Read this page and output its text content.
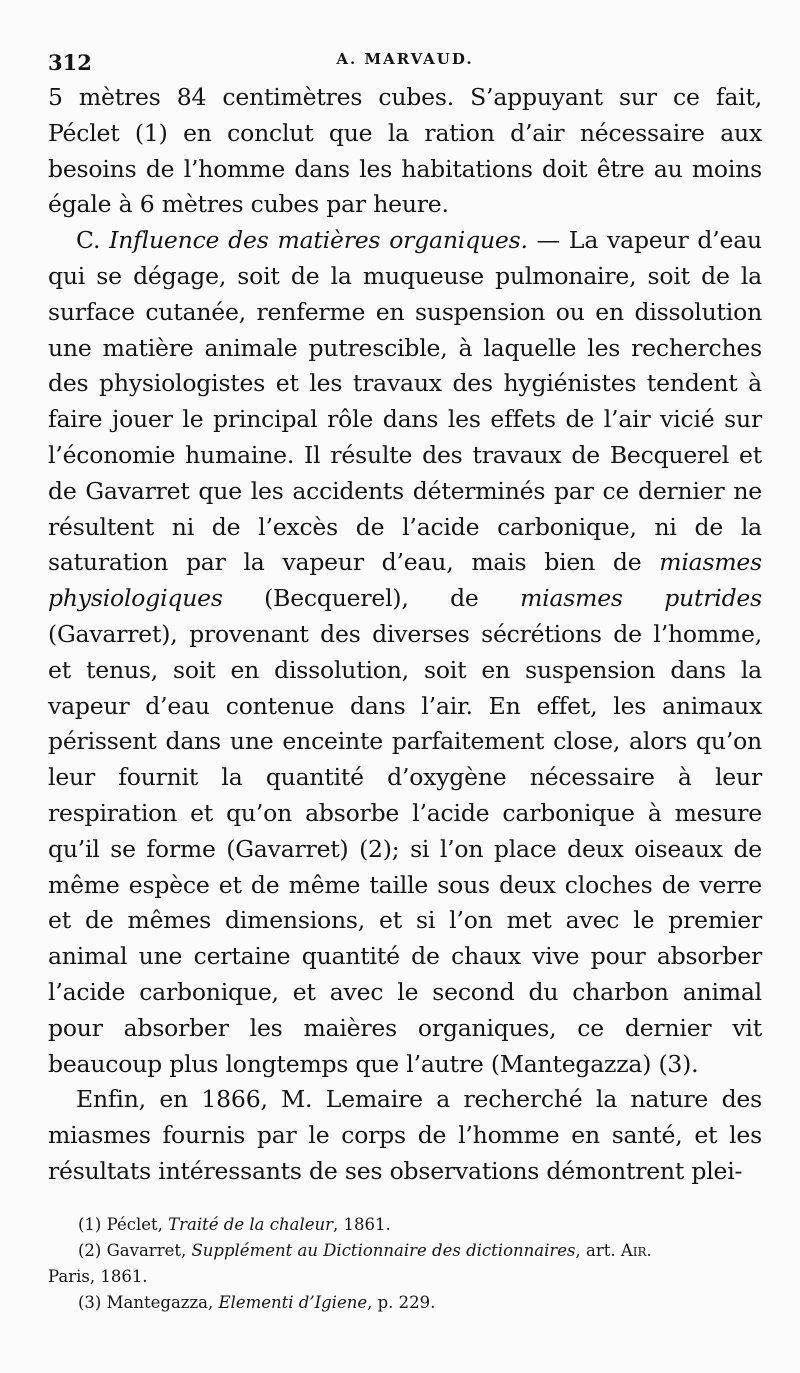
312	A. MARVAUD.

5 mètres 84 centimètres cubes. S’appuyant sur ce fait, Péclet (1) en conclut que la ration d’air nécessaire aux besoins de l’homme dans les habitations doit être au moins égale à 6 mètres cubes par heure.

C. Influence des matières organiques. — La vapeur d’eau qui se dégage, soit de la muqueuse pulmonaire, soit de la surface cutanée, renferme en suspension ou en dissolution une matière animale putrescible, à laquelle les recherches des physiologistes et les travaux des hygiénistes tendent à faire jouer le principal rôle dans les effets de l’air vicié sur l’économie humaine. Il résulte des travaux de Becquerel et de Gavarret que les accidents déterminés par ce dernier ne résultent ni de l’excès de l’acide carbonique, ni de la saturation par la vapeur d’eau, mais bien de miasmes physiologiques (Becquerel), de miasmes putrides (Gavarret), provenant des diverses sécrétions de l’homme, et tenus, soit en dissolution, soit en suspension dans la vapeur d’eau contenue dans l’air. En effet, les animaux périssent dans une enceinte parfaitement close, alors qu’on leur fournit la quantité d’oxygène nécessaire à leur respiration et qu’on absorbe l’acide carbonique à mesure qu’il se forme (Gavarret) (2); si l’on place deux oiseaux de même espèce et de même taille sous deux cloches de verre et de mêmes dimensions, et si l’on met avec le premier animal une certaine quantité de chaux vive pour absorber l’acide carbonique, et avec le second du charbon animal pour absorber les maières organiques, ce dernier vit beaucoup plus longtemps que l’autre (Mantegazza) (3).

Enfin, en 1866, M. Lemaire a recherché la nature des miasmes fournis par le corps de l’homme en santé, et les résultats intéressants de ses observations démontrent plei-

(1) Péclet, Traité de la chaleur, 1861.

(2) Gavarret, Supplément au Dictionnaire des dictionnaires, art. Air.

Paris, 1861.

(3) Mantegazza, Elementi d’Igiene, p. 229.
